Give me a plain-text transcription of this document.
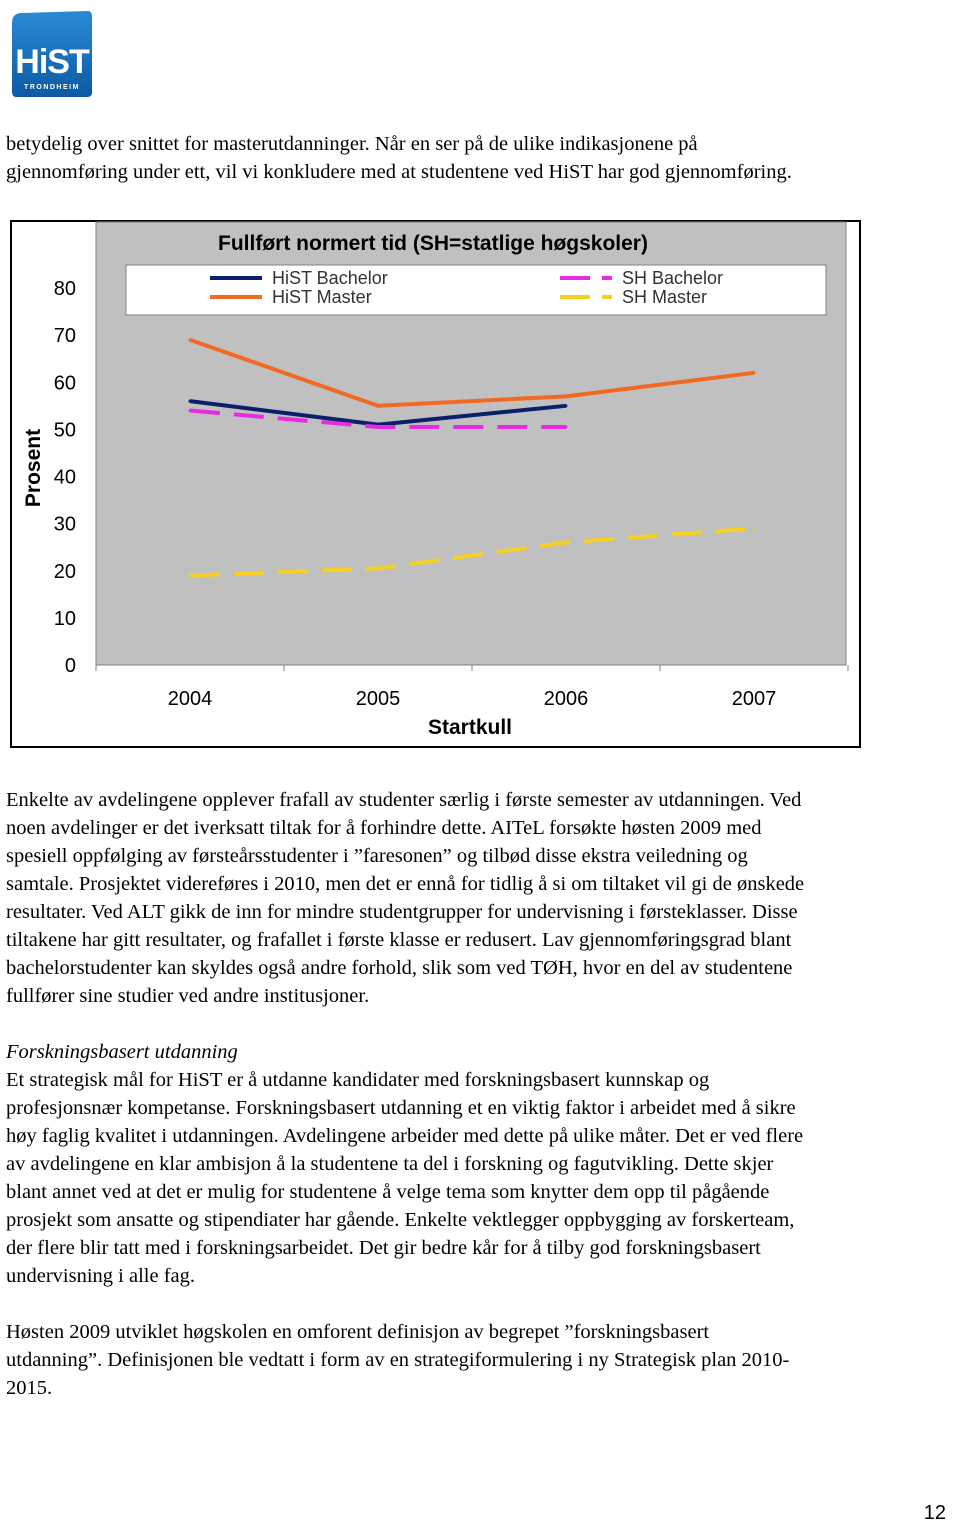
HiST
TRONDHEIM
betydelig over snittet for masterutdanninger. Når en ser på de ulike indikasjonene på
gjennomføring under ett, vil vi konkludere med at studentene ved HiST har god gjennomføring.
0
10
20
30
40
50
60
70
80
2004	2005	2006	2007
Startkull
Prosent
Fullført normert tid (SH=statlige høgskoler)
HiST Bachelor
HiST Master
SH Bachelor
SH Master
Enkelte av avdelingene opplever frafall av studenter særlig i første semester av utdanningen. Ved
noen avdelinger er det iverksatt tiltak for å forhindre dette. AITeL forsøkte høsten 2009 med
spesiell oppfølging av førsteårsstudenter i ”faresonen” og tilbød disse ekstra veiledning og
samtale. Prosjektet videreføres i 2010, men det er ennå for tidlig å si om tiltaket vil gi de ønskede
resultater. Ved ALT gikk de inn for mindre studentgrupper for undervisning i førsteklasser. Disse
tiltakene har gitt resultater, og frafallet i første klasse er redusert. Lav gjennomføringsgrad blant
bachelorstudenter kan skyldes også andre forhold, slik som ved TØH, hvor en del av studentene
fullfører sine studier ved andre institusjoner.
Forskningsbasert utdanning
Et strategisk mål for HiST er å utdanne kandidater med forskningsbasert kunnskap og
profesjonsnær kompetanse. Forskningsbasert utdanning et en viktig faktor i arbeidet med å sikre
høy faglig kvalitet i utdanningen. Avdelingene arbeider med dette på ulike måter. Det er ved flere
av avdelingene en klar ambisjon å la studentene ta del i forskning og fagutvikling. Dette skjer
blant annet ved at det er mulig for studentene å velge tema som knytter dem opp til pågående
prosjekt som ansatte og stipendiater har gående. Enkelte vektlegger oppbygging av forskerteam,
der flere blir tatt med i forskningsarbeidet. Det gir bedre kår for å tilby god forskningsbasert
undervisning i alle fag.
Høsten 2009 utviklet høgskolen en omforent definisjon av begrepet ”forskningsbasert
utdanning”. Definisjonen ble vedtatt i form av en strategiformulering i ny Strategisk plan 2010-
2015.
12
